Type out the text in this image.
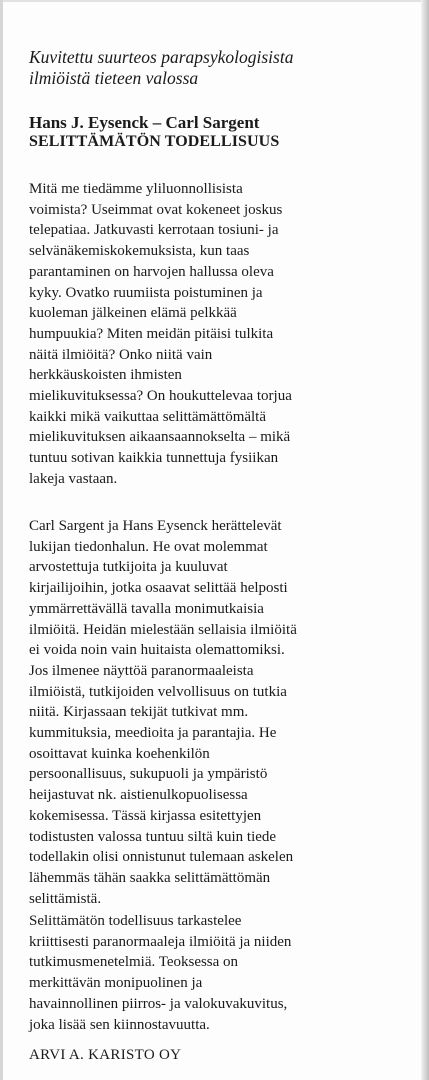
Kuvitettu suurteos parapsykologisista
ilmiöistä tieteen valossa
Hans J. Eysenck – Carl Sargent
SELITTÄMÄTÖN TODELLISUUS
Mitä me tiedämme yliluonnollisista
voimista? Useimmat ovat kokeneet joskus
telepatiaa. Jatkuvasti kerrotaan tosiuni- ja
selvänäkemiskokemuksista, kun taas
parantaminen on harvojen hallussa oleva
kyky. Ovatko ruumiista poistuminen ja
kuoleman jälkeinen elämä pelkkää
humpuukia? Miten meidän pitäisi tulkita
näitä ilmiöitä? Onko niitä vain
herkkäuskoisten ihmisten
mielikuvituksessa? On houkuttelevaa torjua
kaikki mikä vaikuttaa selittämättömältä
mielikuvituksen aikaansaannokselta – mikä
tuntuu sotivan kaikkia tunnettuja fysiikan
lakeja vastaan.
Carl Sargent ja Hans Eysenck herättelevät
lukijan tiedonhalun. He ovat molemmat
arvostettuja tutkijoita ja kuuluvat
kirjailijoihin, jotka osaavat selittää helposti
ymmärrettävällä tavalla monimutkaisia
ilmiöitä. Heidän mielestään sellaisia ilmiöitä
ei voida noin vain huitaista olemattomiksi.
Jos ilmenee näyttöä paranormaaleista
ilmiöistä, tutkijoiden velvollisuus on tutkia
niitä. Kirjassaan tekijät tutkivat mm.
kummituksia, meedioita ja parantajia. He
osoittavat kuinka koehenkilön
persoonallisuus, sukupuoli ja ympäristö
heijastuvat nk. aistienulkopuolisessa
kokemisessa. Tässä kirjassa esitettyjen
todistusten valossa tuntuu siltä kuin tiede
todellakin olisi onnistunut tulemaan askelen
lähemmäs tähän saakka selittämättömän
selittämistä.
Selittämätön todellisuus tarkastelee
kriittisesti paranormaaleja ilmiöitä ja niiden
tutkimusmenetelmiä. Teoksessa on
merkittävän monipuolinen ja
havainnollinen piirros- ja valokuvakuvitus,
joka lisää sen kiinnostavuutta.
ARVI A. KARISTO OY
